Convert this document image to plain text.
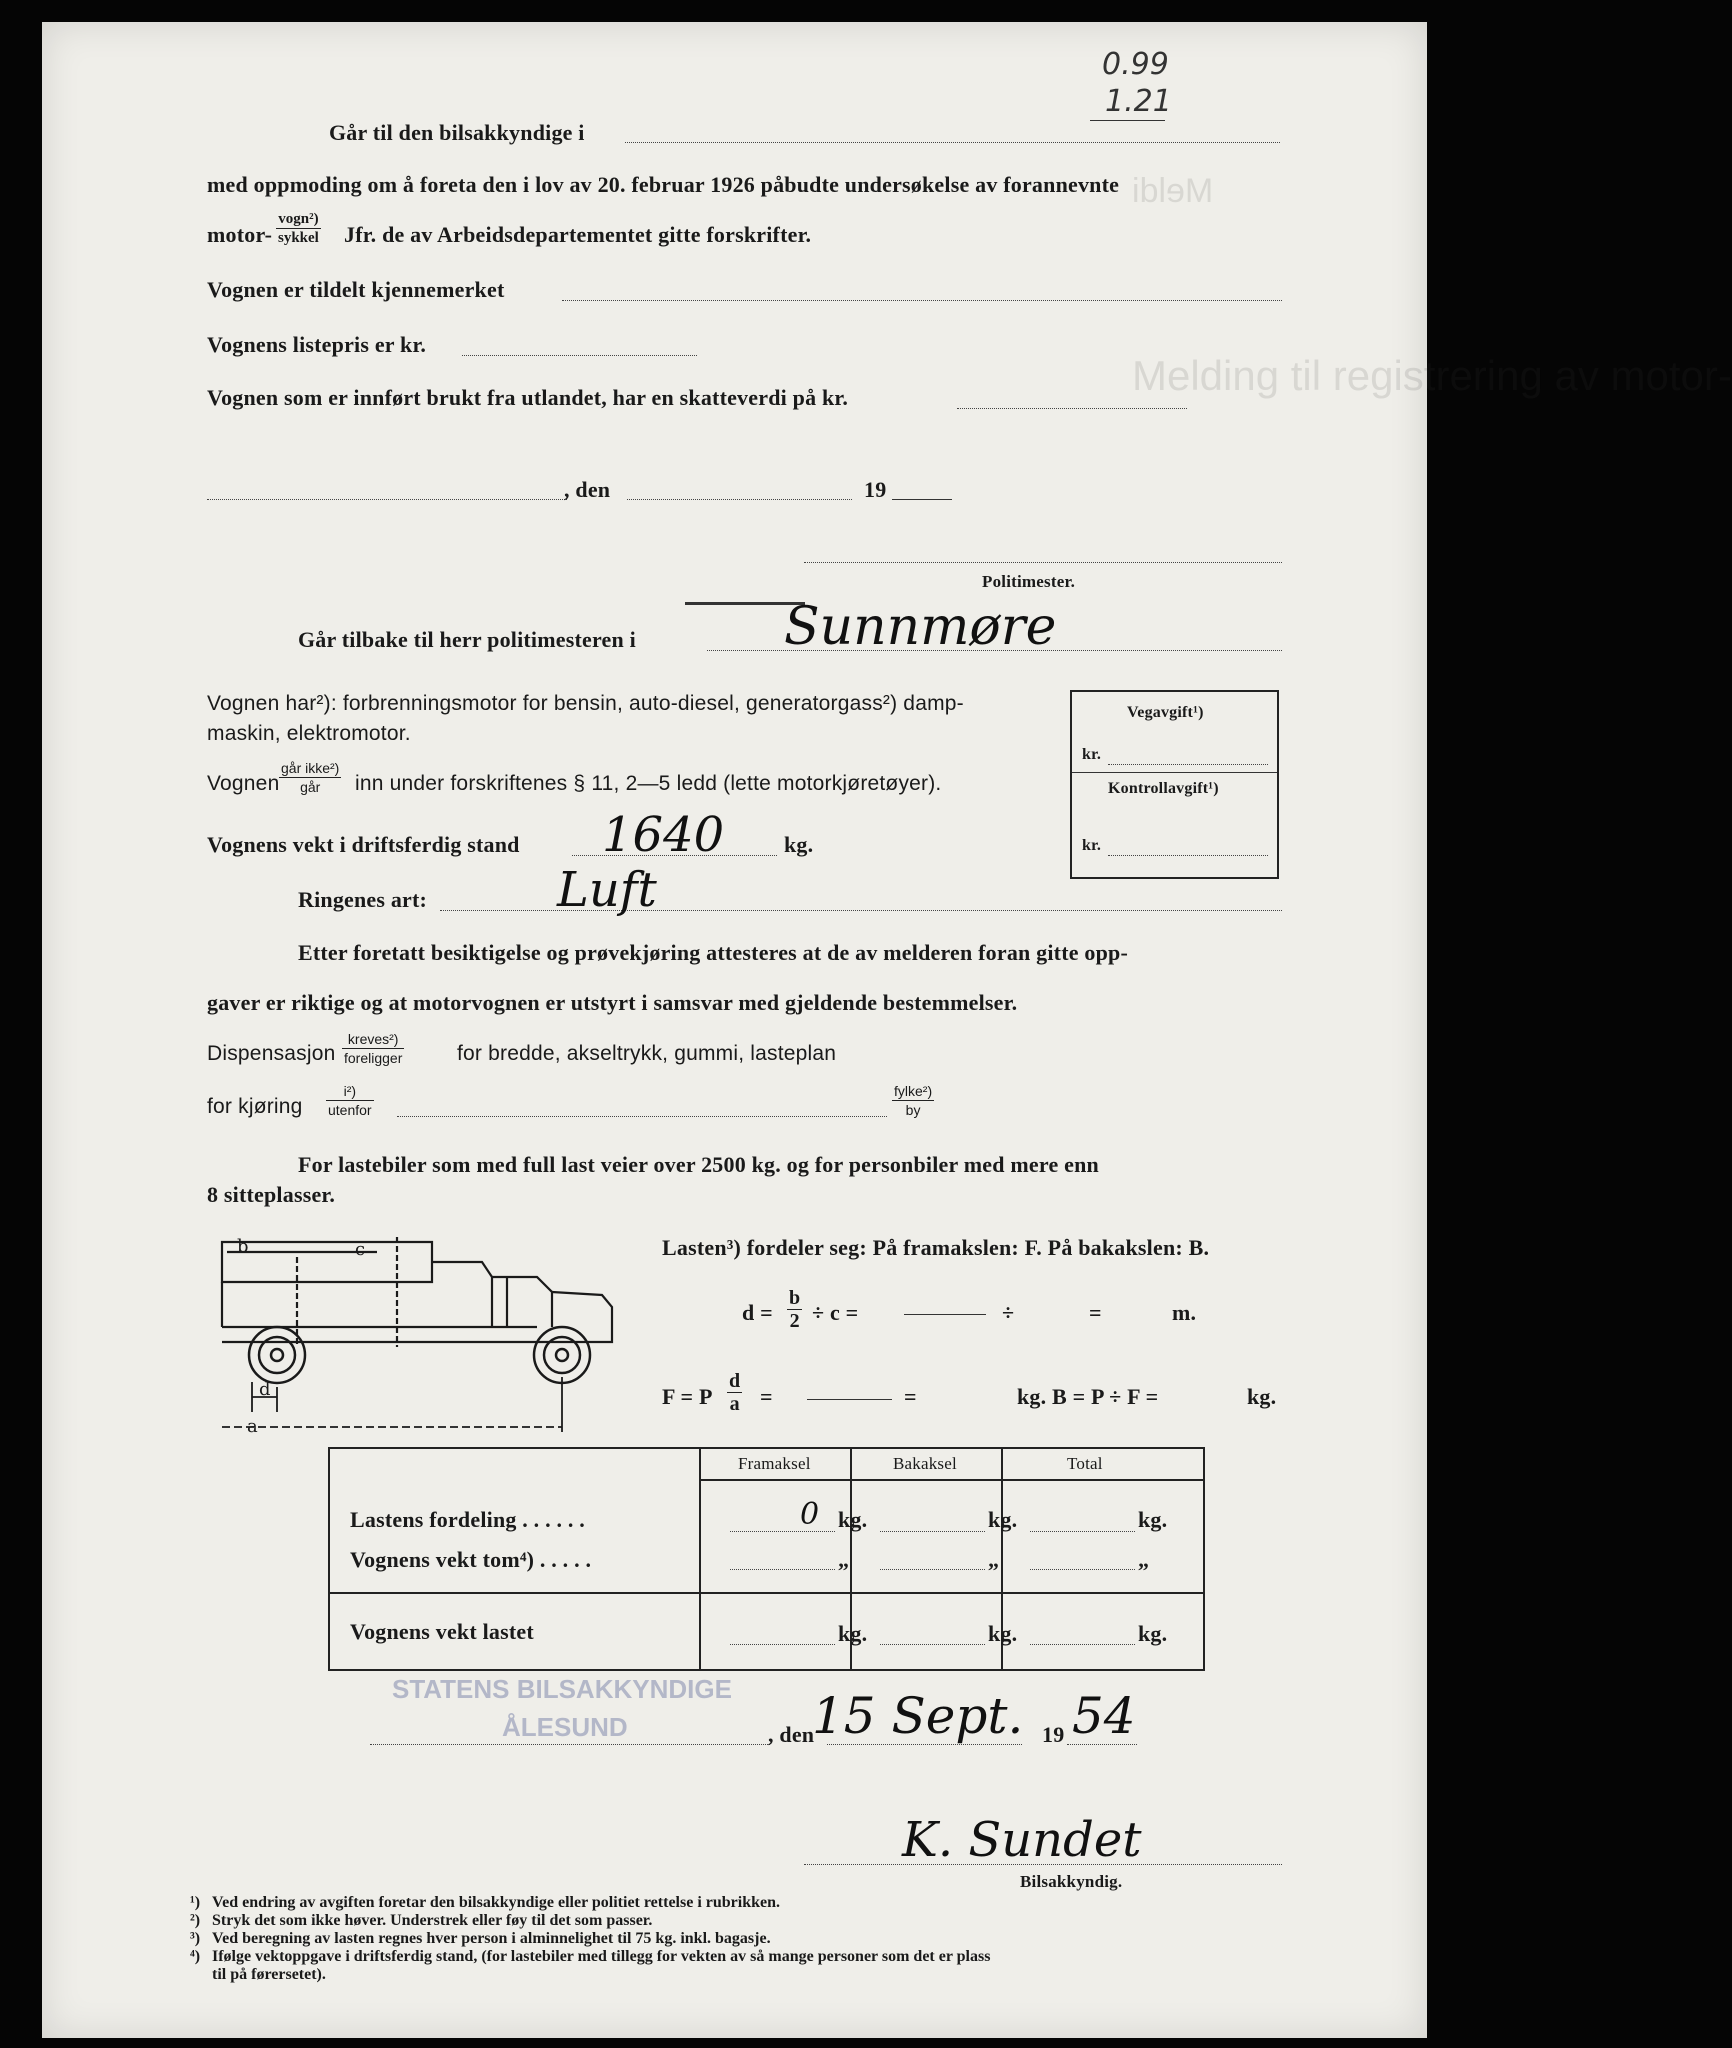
Meldi
Melding til registrering av motor-
0.99
1.21
Går til den bilsakkyndige i
med oppmoding om å foreta den i lov av 20. februar 1926 påbudte undersøkelse av forannevnte
motor-
vogn²)
sykkel Jfr. de av Arbeidsdepartementet gitte forskrifter.
Vognen er tildelt kjennemerket
Vognens listepris er kr.
Vognen som er innført brukt fra utlandet, har en skatteverdi på kr.
, den	19
Politimester.
Går tilbake til herr politimesteren i	Sunnmøre
Vognen har²): forbrenningsmotor for bensin, auto-diesel, generatorgass²) damp-
maskin, elektromotor.
Vognen
går ikke²)
går	inn under forskriftenes § 11, 2—5 ledd (lette motorkjøretøyer).
Vognens vekt i driftsferdig stand 1640	kg.
Ringenes art:	Luft
Etter foretatt besiktigelse og prøvekjøring attesteres at de av melderen foran gitte opp-
gaver er riktige og at motorvognen er utstyrt i samsvar med gjeldende bestemmelser.
Dispensasjon
kreves²)
foreligger	for bredde, akseltrykk, gummi, lasteplan
for kjøring
i²)
utenfor
fylke²)
by
Vegavgift¹)
kr.
Kontrollavgift¹)
kr.
For lastebiler som med full last veier over 2500 kg. og for personbiler med mere enn
8 sitteplasser.
b	c
d
a
Lasten³) fordeler seg: På framakslen: F. På bakakslen: B.
$d = \frac{b}{2} \div c$ =	÷	=	m.
F = P $\frac{d}{a}$ =	=	kg. B = P ÷ F =	kg.
Framaksel	Bakaksel	Total
Lastens fordeling . . . . . .	0 kg.	kg.	kg.
Vognens vekt tom⁴) . . . . .	„	„	„
Vognens vekt lastet	kg.	kg.	kg.
STATENS BILSAKKYNDIGE
ÅLESUND	, den
15 Sept. 19 54
K. Sundet
Bilsakkyndig.
¹) Ved endring av avgiften foretar den bilsakkyndige eller politiet rettelse i rubrikken.
²) Stryk det som ikke høver. Understrek eller føy til det som passer.
³) Ved beregning av lasten regnes hver person i alminnelighet til 75 kg. inkl. bagasje.
⁴) Ifølge vektoppgave i driftsferdig stand, (for lastebiler med tillegg for vekten av så mange personer som det er plass
til på førersetet).
